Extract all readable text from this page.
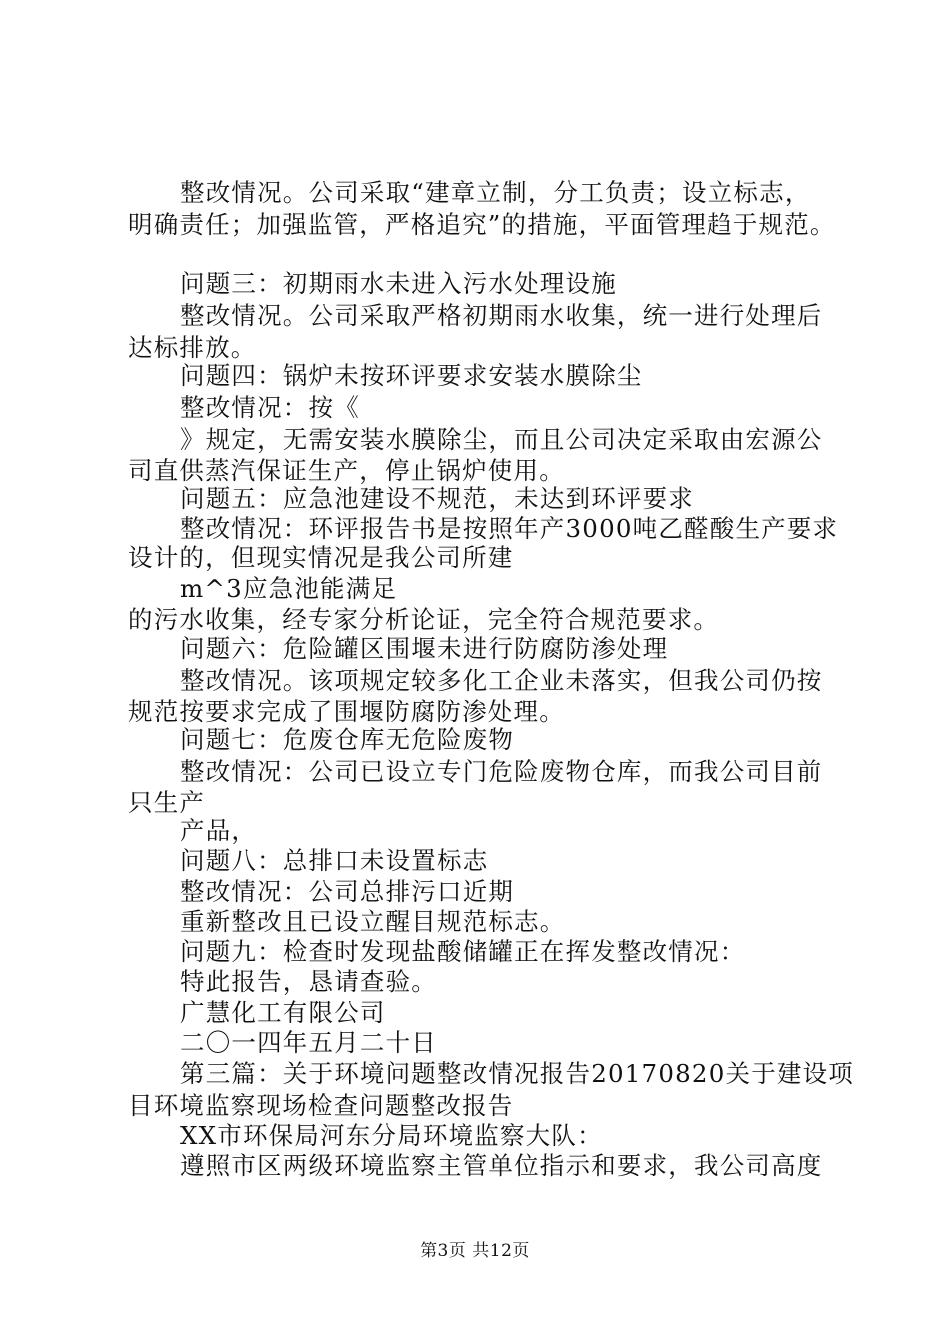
整改情况。公司采取“建章立制，分工负责；设立标志，
明确责任；加强监管，严格追究”的措施，平面管理趋于规范。
问题三：初期雨水未进入污水处理设施
整改情况。公司采取严格初期雨水收集，统一进行处理后
达标排放。
问题四：锅炉未按环评要求安装水膜除尘
整改情况：按《
》规定，无需安装水膜除尘，而且公司决定采取由宏源公
司直供蒸汽保证生产，停止锅炉使用。
问题五：应急池建设不规范，未达到环评要求
整改情况：环评报告书是按照年产3000吨乙醛酸生产要求
设计的，但现实情况是我公司所建
m^3应急池能满足
的污水收集，经专家分析论证，完全符合规范要求。
问题六：危险罐区围堰未进行防腐防渗处理
整改情况。该项规定较多化工企业未落实，但我公司仍按
规范按要求完成了围堰防腐防渗处理。
问题七：危废仓库无危险废物
整改情况：公司已设立专门危险废物仓库，而我公司目前
只生产
产品，
问题八：总排口未设置标志
整改情况：公司总排污口近期
重新整改且已设立醒目规范标志。
问题九：检查时发现盐酸储罐正在挥发整改情况：
特此报告，恳请查验。
广慧化工有限公司
二〇一四年五月二十日
第三篇：关于环境问题整改情况报告20170820关于建设项
目环境监察现场检查问题整改报告
XX市环保局河东分局环境监察大队：
遵照市区两级环境监察主管单位指示和要求，我公司高度
第3页 共12页
